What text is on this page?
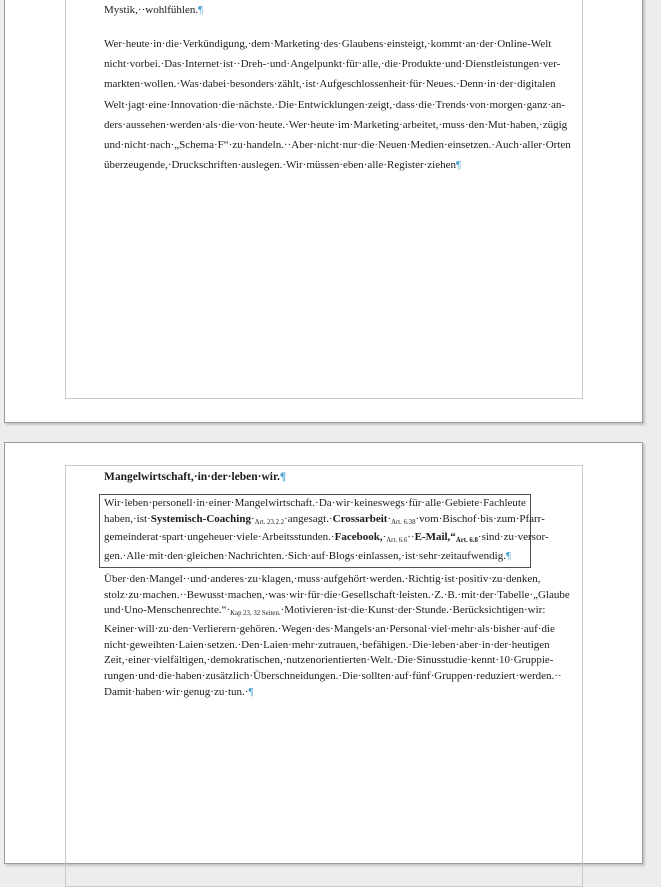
Mystik,··wohlfühlen.¶
Wer· heute· in· die· Verkündigung,· dem· Marketing· des· Glaubens· einsteigt,· kommt· an· der· Online-Welt
nicht· vorbei.· Das· Internet· ist· · Dreh-· und· Angelpunkt· für· alle,· die· Produkte· und· Dienstleistungen· ver-
markten· wollen.· Was· dabei· besonders· zählt,· ist· Aufgeschlossenheit· für· Neues.· Denn· in· der· digitalen
Welt· jagt· eine· Innovation· die· nächste.· Die· Entwicklungen· zeigt,· dass· die· Trends· von· morgen· ganz· an-
ders· aussehen· werden· als· die· von· heute.· Wer· heute· im· Marketing· arbeitet,· muss· den· Mut· haben,· zügig
und· nicht· nach· „Schema· F“· zu· handeln.· · Aber· nicht· nur· die· Neuen· Medien· einsetzen.· Auch· aller· Orten
überzeugende,·Druckschriften·auslegen.·Wir·müssen·eben·alle·Register·ziehen¶
Mangelwirtschaft,·in·der·leben·wir.¶
Wir· leben· personell· in· einer· Mangelwirtschaft.· Da· wir· keineswegs· für· alle· Gebiete· Fachleute
$haben,\cdot ist\cdot Systemisch-Coaching\cdot_{Art. 23.2.2}\cdot angesagt.\cdot Crossarbeit\cdot_{Art. 6.38}\cdot vom\cdot Bischof\cdot bis\cdot zum\cdot Pfarr-$
$gemeinderat\cdot spart\cdot ungeheuer\cdot viele\cdot Arbeitsstunden.\cdot Facebook,\cdot_{Art. 6.6}\cdot\cdot E-Mail,“Art$. 6.8·sind·zu·versor-
gen.·Alle·mit·den·gleichen·Nachrichten.·Sich·auf·Blogs·einlassen,·ist·sehr·zeitaufwendig.¶
Über· den· Mangel· · und· anderes· zu· klagen,· muss· aufgehört· werden.· Richtig· ist· positiv· zu· denken,
stolz· zu· machen.· · Bewusst· machen,· was· wir· für· die· Gesellschaft· leisten.· Z.· B.· mit· der· Tabelle· „Glaube
$und\cdot Uno-Menschenrechte.“\cdot_{Kap 23, 32 Seiten.}\cdot Motivieren\cdot ist\cdot die\cdot Kunst\cdot der\cdot Stunde.\cdot Berücksichtigen\cdot wir$:
Keiner· will· zu· den· Verlierern· gehören.· Wegen· des· Mangels· an· Personal· viel· mehr· als· bisher· auf· die
nicht· geweihten· Laien· setzen.· Den· Laien· mehr· zutrauen,· befähigen.· Die· leben· aber· in· der· heutigen
Zeit,· einer· vielfältigen,· demokratischen,· nutzenorientierten· Welt.· Die· Sinusstudie· kennt· 10· Gruppie-
rungen· und· die· haben· zusätzlich· Überschneidungen.· Die· sollten· auf· fünf· Gruppen· reduziert· werden.· ·
Damit·haben·wir·genug·zu·tun.·¶
